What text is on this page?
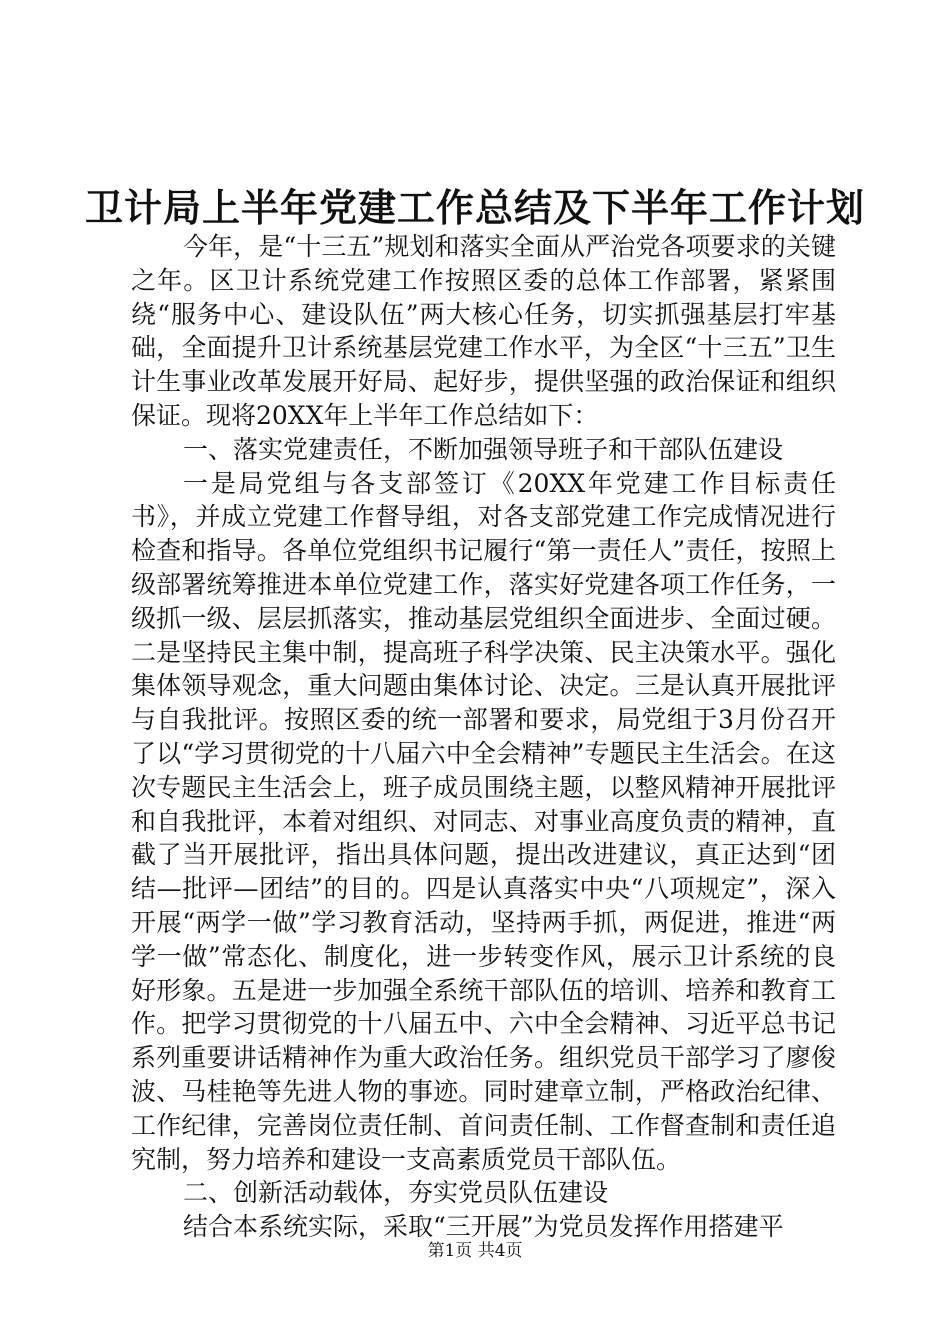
卫计局上半年党建工作总结及下半年工作计划

今年，是“十三五”规划和落实全面从严治党各项要求的关键之年。区卫计系统党建工作按照区委的总体工作部署，紧紧围绕“服务中心、建设队伍”两大核心任务，切实抓强基层打牢基础，全面提升卫计系统基层党建工作水平，为全区“十三五”卫生计生事业改革发展开好局、起好步，提供坚强的政治保证和组织保证。现将20XX年上半年工作总结如下：

一、落实党建责任，不断加强领导班子和干部队伍建设

一是局党组与各支部签订《20XX年党建工作目标责任书》，并成立党建工作督导组，对各支部党建工作完成情况进行检查和指导。各单位党组织书记履行“第一责任人”责任，按照上级部署统筹推进本单位党建工作，落实好党建各项工作任务，一级抓一级、层层抓落实，推动基层党组织全面进步、全面过硬。二是坚持民主集中制，提高班子科学决策、民主决策水平。强化集体领导观念，重大问题由集体讨论、决定。三是认真开展批评与自我批评。按照区委的统一部署和要求，局党组于3月份召开了以“学习贯彻党的十八届六中全会精神”专题民主生活会。在这次专题民主生活会上，班子成员围绕主题，以整风精神开展批评和自我批评，本着对组织、对同志、对事业高度负责的精神，直截了当开展批评，指出具体问题，提出改进建议，真正达到“团结—批评—团结”的目的。四是认真落实中央“八项规定”，深入开展“两学一做”学习教育活动，坚持两手抓，两促进，推进“两学一做”常态化、制度化，进一步转变作风，展示卫计系统的良好形象。五是进一步加强全系统干部队伍的培训、培养和教育工作。把学习贯彻党的十八届五中、六中全会精神、习近平总书记系列重要讲话精神作为重大政治任务。组织党员干部学习了廖俊波、马桂艳等先进人物的事迹。同时建章立制，严格政治纪律、工作纪律，完善岗位责任制、首问责任制、工作督查制和责任追究制，努力培养和建设一支高素质党员干部队伍。

二、创新活动载体，夯实党员队伍建设

结合本系统实际，采取“三开展”为党员发挥作用搭建平

第1页 共4页
